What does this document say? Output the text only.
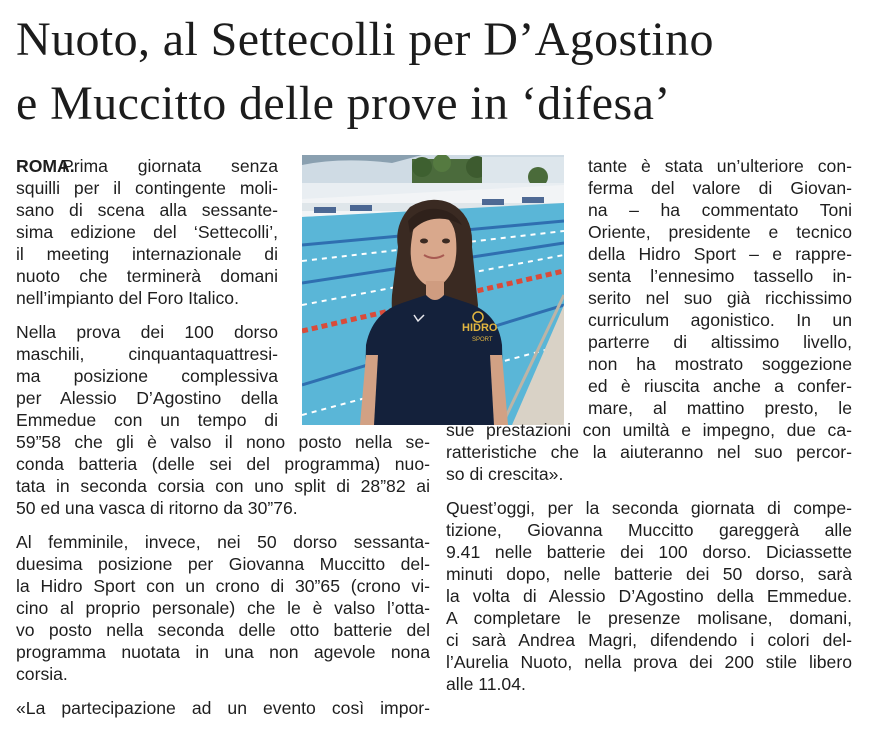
Nuoto, al Settecolli per D’Agostino
e Muccitto delle prove in ‘difesa’
HIDRO
SPORT
ROMA.
Prima giornata senza
squilli per il contingente moli-
sano di scena alla sessante-
sima edizione del ‘Settecolli’,
il meeting internazionale di
nuoto che terminerà domani
nell’impianto del Foro Italico.
Nella prova dei 100 dorso
maschili, cinquantaquattresi-
ma posizione complessiva
per Alessio D’Agostino della
Emmedue con un tempo di
59”58 che gli è valso il nono posto nella se-
conda batteria (delle sei del programma) nuo-
tata in seconda corsia con uno split di 28”82 ai
50 ed una vasca di ritorno da 30”76.
Al femminile, invece, nei 50 dorso sessanta-
duesima posizione per Giovanna Muccitto del-
la Hidro Sport con un crono di 30”65 (crono vi-
cino al proprio personale) che le è valso l’otta-
vo posto nella seconda delle otto batterie del
programma nuotata in una non agevole nona
corsia.
«La partecipazione ad un evento così impor-
tante è stata un’ulteriore con-
ferma del valore di Giovan-
na – ha commentato Toni
Oriente, presidente e tecnico
della Hidro Sport – e rappre-
senta l’ennesimo tassello in-
serito nel suo già ricchissimo
curriculum agonistico. In un
parterre di altissimo livello,
non ha mostrato soggezione
ed è riuscita anche a confer-
mare, al mattino presto, le
sue prestazioni con umiltà e impegno, due ca-
ratteristiche che la aiuteranno nel suo percor-
so di crescita».
Quest’oggi, per la seconda giornata di compe-
tizione, Giovanna Muccitto gareggerà alle
9.41 nelle batterie dei 100 dorso. Diciassette
minuti dopo, nelle batterie dei 50 dorso, sarà
la volta di Alessio D’Agostino della Emmedue.
A completare le presenze molisane, domani,
ci sarà Andrea Magri, difendendo i colori del-
l’Aurelia Nuoto, nella prova dei 200 stile libero
alle 11.04.
